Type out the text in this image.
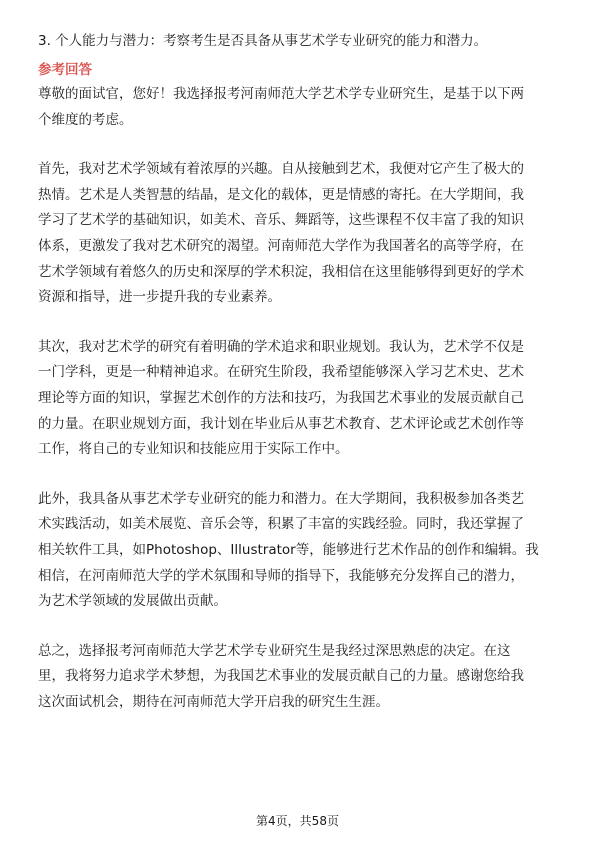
3. 个人能力与潜力：考察考生是否具备从事艺术学专业研究的能力和潜力。

参考回答

尊敬的面试官，您好！我选择报考河南师范大学艺术学专业研究生，是基于以下两
个维度的考虑。
首先，我对艺术学领域有着浓厚的兴趣。自从接触到艺术，我便对它产生了极大的
热情。艺术是人类智慧的结晶，是文化的载体，更是情感的寄托。在大学期间，我
学习了艺术学的基础知识，如美术、音乐、舞蹈等，这些课程不仅丰富了我的知识
体系，更激发了我对艺术研究的渴望。河南师范大学作为我国著名的高等学府，在
艺术学领域有着悠久的历史和深厚的学术积淀，我相信在这里能够得到更好的学术
资源和指导，进一步提升我的专业素养。
其次，我对艺术学的研究有着明确的学术追求和职业规划。我认为，艺术学不仅是
一门学科，更是一种精神追求。在研究生阶段，我希望能够深入学习艺术史、艺术
理论等方面的知识，掌握艺术创作的方法和技巧，为我国艺术事业的发展贡献自己
的力量。在职业规划方面，我计划在毕业后从事艺术教育、艺术评论或艺术创作等
工作，将自己的专业知识和技能应用于实际工作中。
此外，我具备从事艺术学专业研究的能力和潜力。在大学期间，我积极参加各类艺
术实践活动，如美术展览、音乐会等，积累了丰富的实践经验。同时，我还掌握了
相关软件工具，如Photoshop、Illustrator等，能够进行艺术作品的创作和编辑。我
相信，在河南师范大学的学术氛围和导师的指导下，我能够充分发挥自己的潜力，
为艺术学领域的发展做出贡献。
总之，选择报考河南师范大学艺术学专业研究生是我经过深思熟虑的决定。在这
里，我将努力追求学术梦想，为我国艺术事业的发展贡献自己的力量。感谢您给我
这次面试机会，期待在河南师范大学开启我的研究生生涯。
第4页，共58页
